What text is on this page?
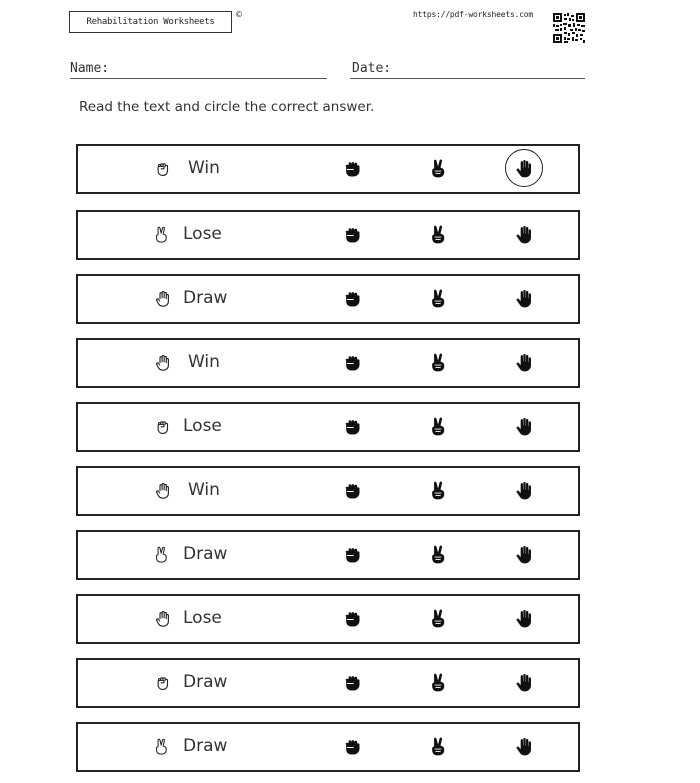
Rehabilitation Worksheets
©	https://pdf-worksheets.com
Name:	Date:
Read the text and circle the correct answer.
Win
Lose
Draw
Win
Lose
Win
Draw
Lose
Draw
Draw
